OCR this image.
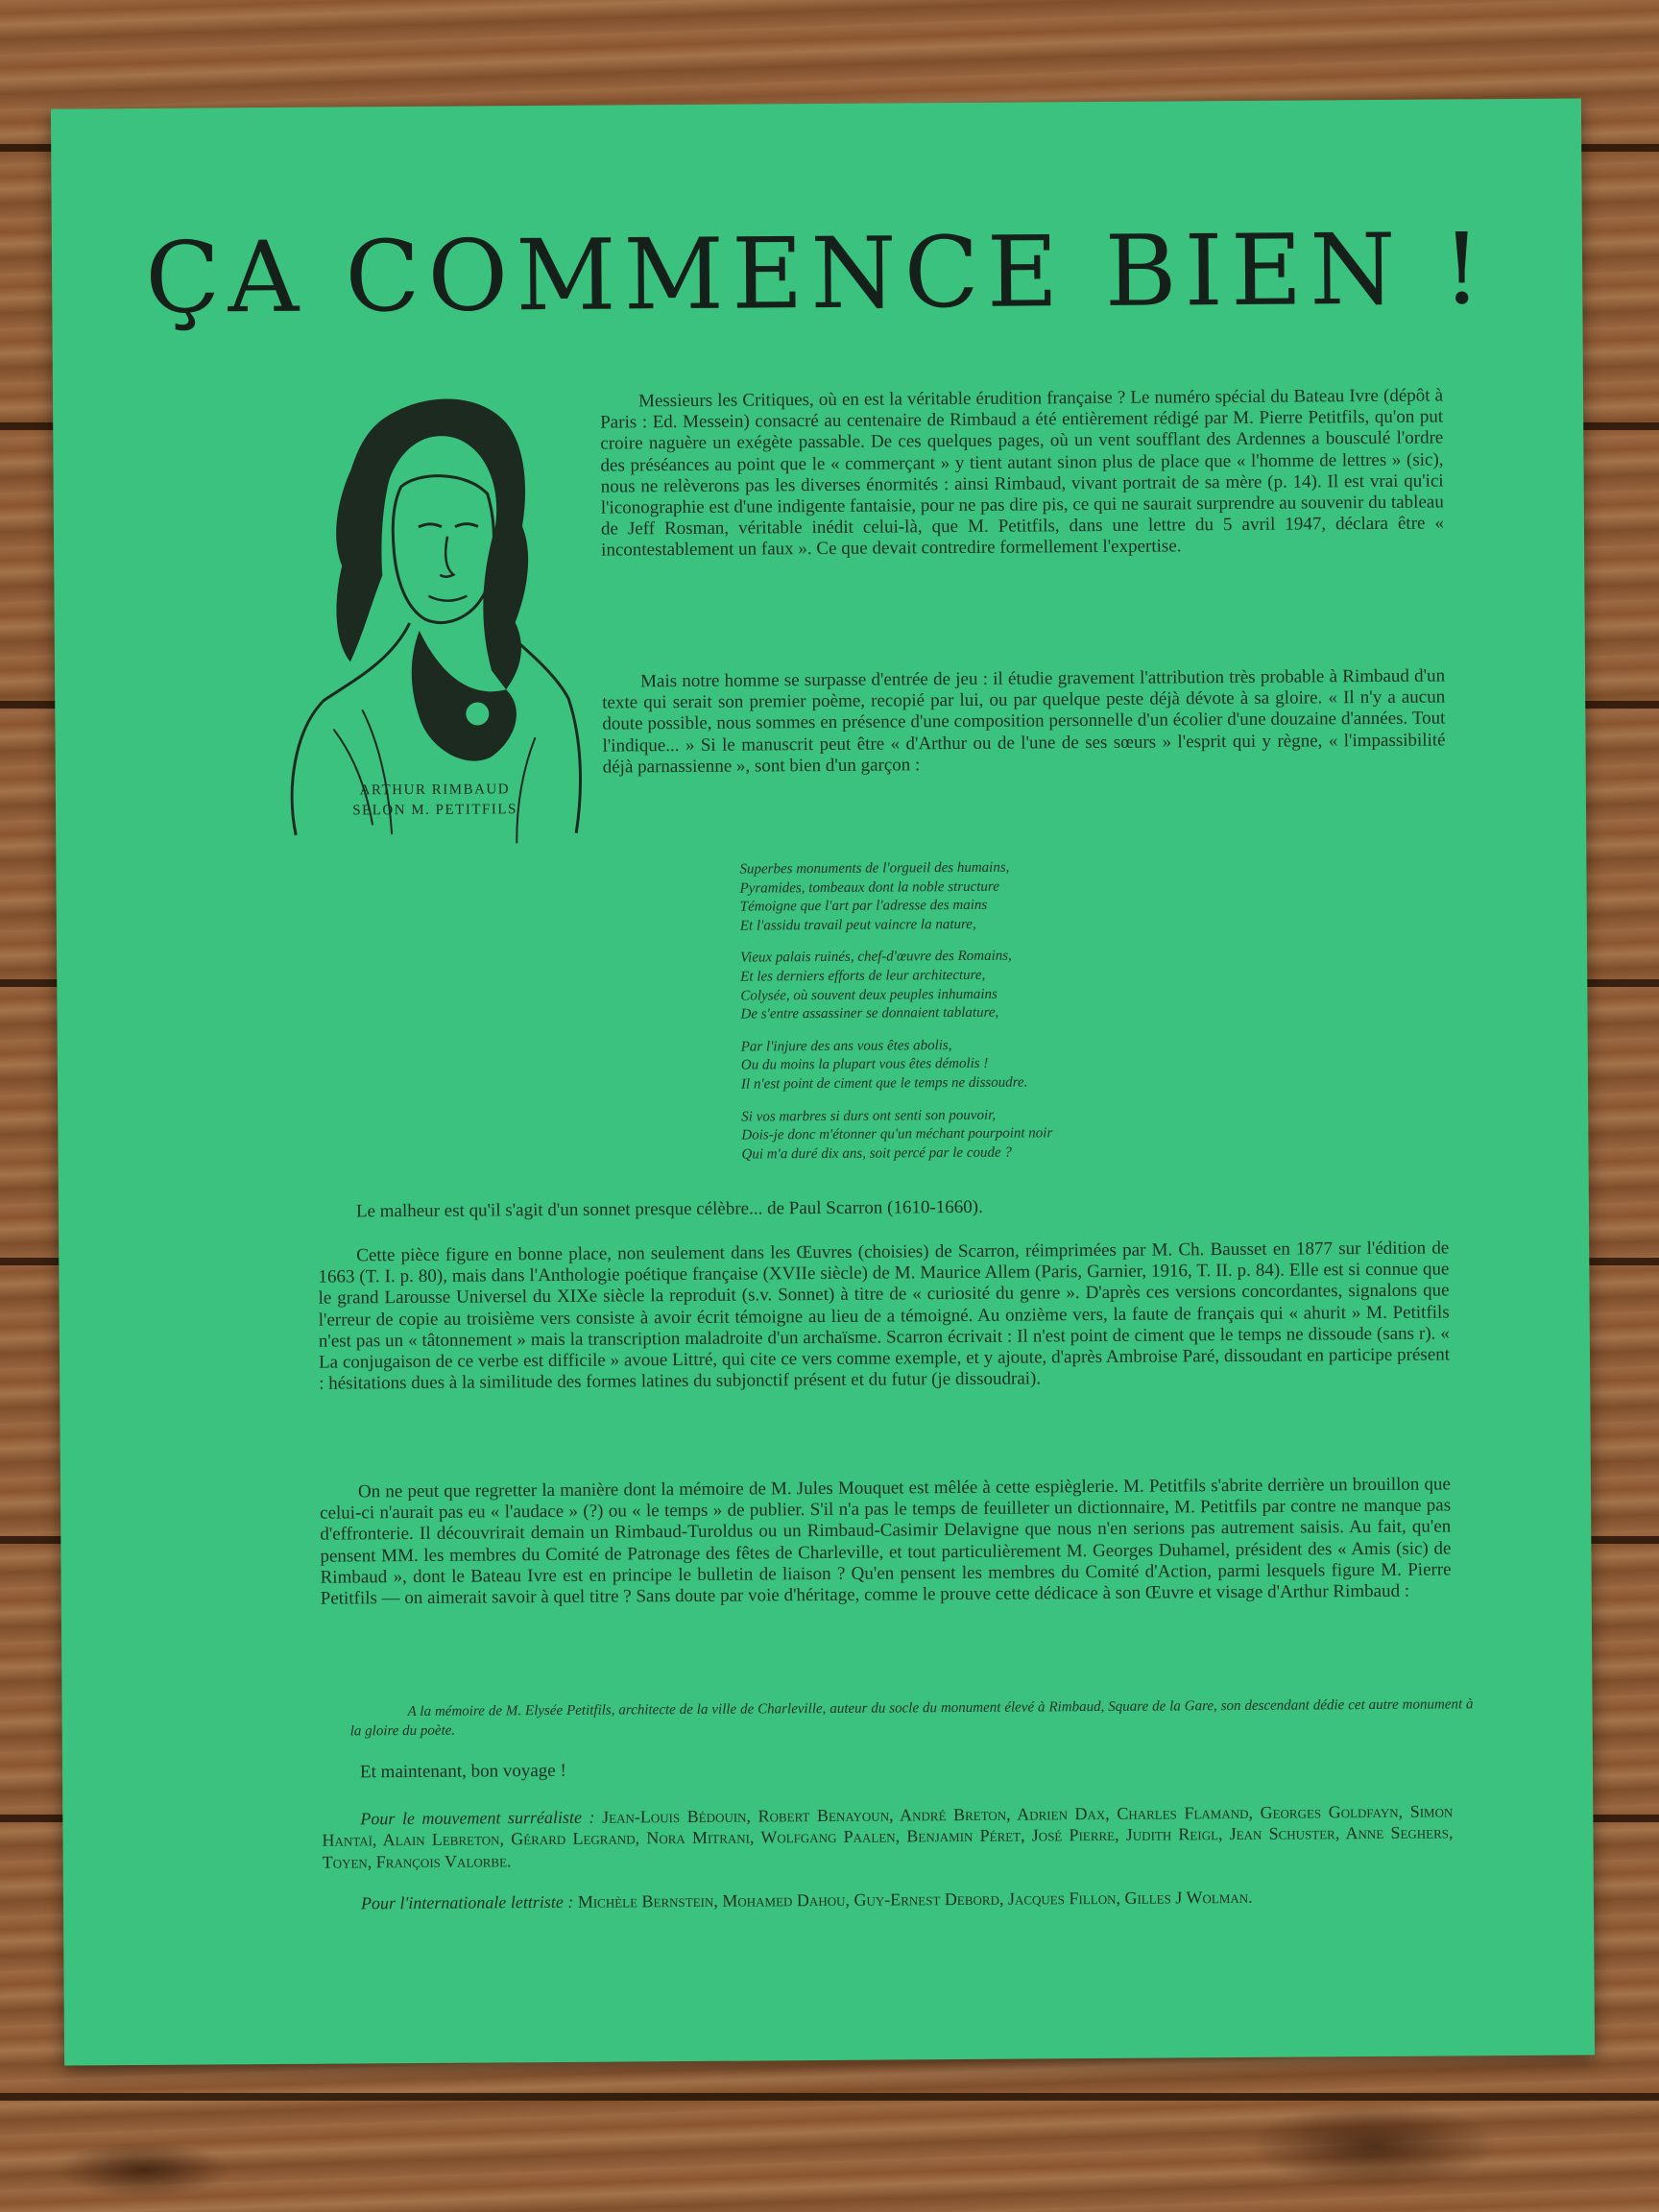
ÇA COMMENCE BIEN !
ARTHUR RIMBAUD
SELON M. PETITFILS

Messieurs les Critiques, où en est la véritable érudition française ? Le numéro spécial du Bateau Ivre (dépôt à Paris : Ed. Messein) consacré au centenaire de Rimbaud a été entièrement rédigé par M. Pierre Petitfils, qu'on put croire naguère un exégète passable. De ces quelques pages, où un vent soufflant des Ardennes a bousculé l'ordre des préséances au point que le « commerçant » y tient autant sinon plus de place que « l'homme de lettres » (sic), nous ne relèverons pas les diverses énormités : ainsi Rimbaud, vivant portrait de sa mère (p. 14). Il est vrai qu'ici l'iconographie est d'une indigente fantaisie, pour ne pas dire pis, ce qui ne saurait surprendre au souvenir du tableau de Jeff Rosman, véritable inédit celui-là, que M. Petitfils, dans une lettre du 5 avril 1947, déclara être « incontestablement un faux ». Ce que devait contredire formellement l'expertise.

Mais notre homme se surpasse d'entrée de jeu : il étudie gravement l'attribution très probable à Rimbaud d'un texte qui serait son premier poème, recopié par lui, ou par quelque peste déjà dévote à sa gloire. « Il n'y a aucun doute possible, nous sommes en présence d'une composition personnelle d'un écolier d'une douzaine d'années. Tout l'indique... » Si le manuscrit peut être « d'Arthur ou de l'une de ses sœurs » l'esprit qui y règne, « l'impassibilité déjà parnassienne », sont bien d'un garçon :

Superbes monuments de l'orgueil des humains,
Pyramides, tombeaux dont la noble structure
Témoigne que l'art par l'adresse des mains
Et l'assidu travail peut vaincre la nature,
Vieux palais ruinés, chef-d'œuvre des Romains,
Et les derniers efforts de leur architecture,
Colysée, où souvent deux peuples inhumains
De s'entre assassiner se donnaient tablature,
Par l'injure des ans vous êtes abolis,
Ou du moins la plupart vous êtes démolis !
Il n'est point de ciment que le temps ne dissoudre.
Si vos marbres si durs ont senti son pouvoir,
Dois-je donc m'étonner qu'un méchant pourpoint noir
Qui m'a duré dix ans, soit percé par le coude ?

Le malheur est qu'il s'agit d'un sonnet presque célèbre... de Paul Scarron (1610-1660).

Cette pièce figure en bonne place, non seulement dans les Œuvres (choisies) de Scarron, réimprimées par M. Ch. Bausset en 1877 sur l'édition de 1663 (T. I. p. 80), mais dans l'Anthologie poétique française (XVIIe siècle) de M. Maurice Allem (Paris, Garnier, 1916, T. II. p. 84). Elle est si connue que le grand Larousse Universel du XIXe siècle la reproduit (s.v. Sonnet) à titre de « curiosité du genre ». D'après ces versions concordantes, signalons que l'erreur de copie au troisième vers consiste à avoir écrit témoigne au lieu de a témoigné. Au onzième vers, la faute de français qui « ahurit » M. Petitfils n'est pas un « tâtonnement » mais la transcription maladroite d'un archaïsme. Scarron écrivait : Il n'est point de ciment que le temps ne dissoude (sans r). « La conjugaison de ce verbe est difficile » avoue Littré, qui cite ce vers comme exemple, et y ajoute, d'après Ambroise Paré, dissoudant en participe présent : hésitations dues à la similitude des formes latines du subjonctif présent et du futur (je dissoudrai).

On ne peut que regretter la manière dont la mémoire de M. Jules Mouquet est mêlée à cette espièglerie. M. Petitfils s'abrite derrière un brouillon que celui-ci n'aurait pas eu « l'audace » (?) ou « le temps » de publier. S'il n'a pas le temps de feuilleter un dictionnaire, M. Petitfils par contre ne manque pas d'effronterie. Il découvrirait demain un Rimbaud-Turoldus ou un Rimbaud-Casimir Delavigne que nous n'en serions pas autrement saisis. Au fait, qu'en pensent MM. les membres du Comité de Patronage des fêtes de Charleville, et tout particulièrement M. Georges Duhamel, président des « Amis (sic) de Rimbaud », dont le Bateau Ivre est en principe le bulletin de liaison ? Qu'en pensent les membres du Comité d'Action, parmi lesquels figure M. Pierre Petitfils — on aimerait savoir à quel titre ? Sans doute par voie d'héritage, comme le prouve cette dédicace à son Œuvre et visage d'Arthur Rimbaud :

A la mémoire de M. Elysée Petitfils, architecte de la ville de Charleville, auteur du socle du monument élevé à Rimbaud, Square de la Gare, son descendant dédie cet autre monument à la gloire du poète.

Et maintenant, bon voyage !

Pour le mouvement surréaliste : Jean-Louis Bédouin, Robert Benayoun, André Breton, Adrien Dax, Charles Flamand, Georges Goldfayn, Simon Hantaï, Alain Lebreton, Gérard Legrand, Nora Mitrani, Wolfgang Paalen, Benjamin Péret, José Pierre, Judith Reigl, Jean Schuster, Anne Seghers, Toyen, François Valorbe.
Pour l'internationale lettriste : Michèle Bernstein, Mohamed Dahou, Guy-Ernest Debord, Jacques Fillon, Gilles J Wolman.
